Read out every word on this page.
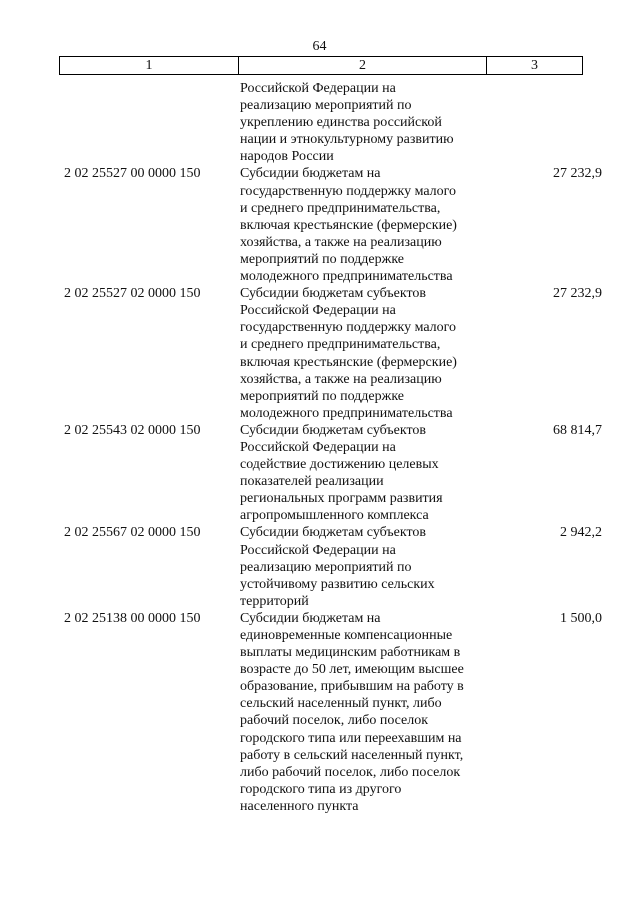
64
1	2	3
Российской Федерации на
реализацию мероприятий по
укреплению единства российской
нации и этнокультурному развитию
народов России
2 02 25527 00 0000 150	Субсидии бюджетам на
государственную поддержку малого
и среднего предпринимательства,
включая крестьянские (фермерские)
хозяйства, а также на реализацию
мероприятий по поддержке
молодежного предпринимательства
27 232,9
2 02 25527 02 0000 150	Субсидии бюджетам субъектов
Российской Федерации на
государственную поддержку малого
и среднего предпринимательства,
включая крестьянские (фермерские)
хозяйства, а также на реализацию
мероприятий по поддержке
молодежного предпринимательства
27 232,9
2 02 25543 02 0000 150	Субсидии бюджетам субъектов
Российской Федерации на
содействие достижению целевых
показателей реализации
региональных программ развития
агропромышленного комплекса
68 814,7
2 02 25567 02 0000 150	Субсидии бюджетам субъектов
Российской Федерации на
реализацию мероприятий по
устойчивому развитию сельских
территорий
2 942,2
2 02 25138 00 0000 150	Субсидии бюджетам на
единовременные компенсационные
выплаты медицинским работникам в
возрасте до 50 лет, имеющим высшее
образование, прибывшим на работу в
сельский населенный пункт, либо
рабочий поселок, либо поселок
городского типа или переехавшим на
работу в сельский населенный пункт,
либо рабочий поселок, либо поселок
городского типа из другого
населенного пункта
1 500,0
